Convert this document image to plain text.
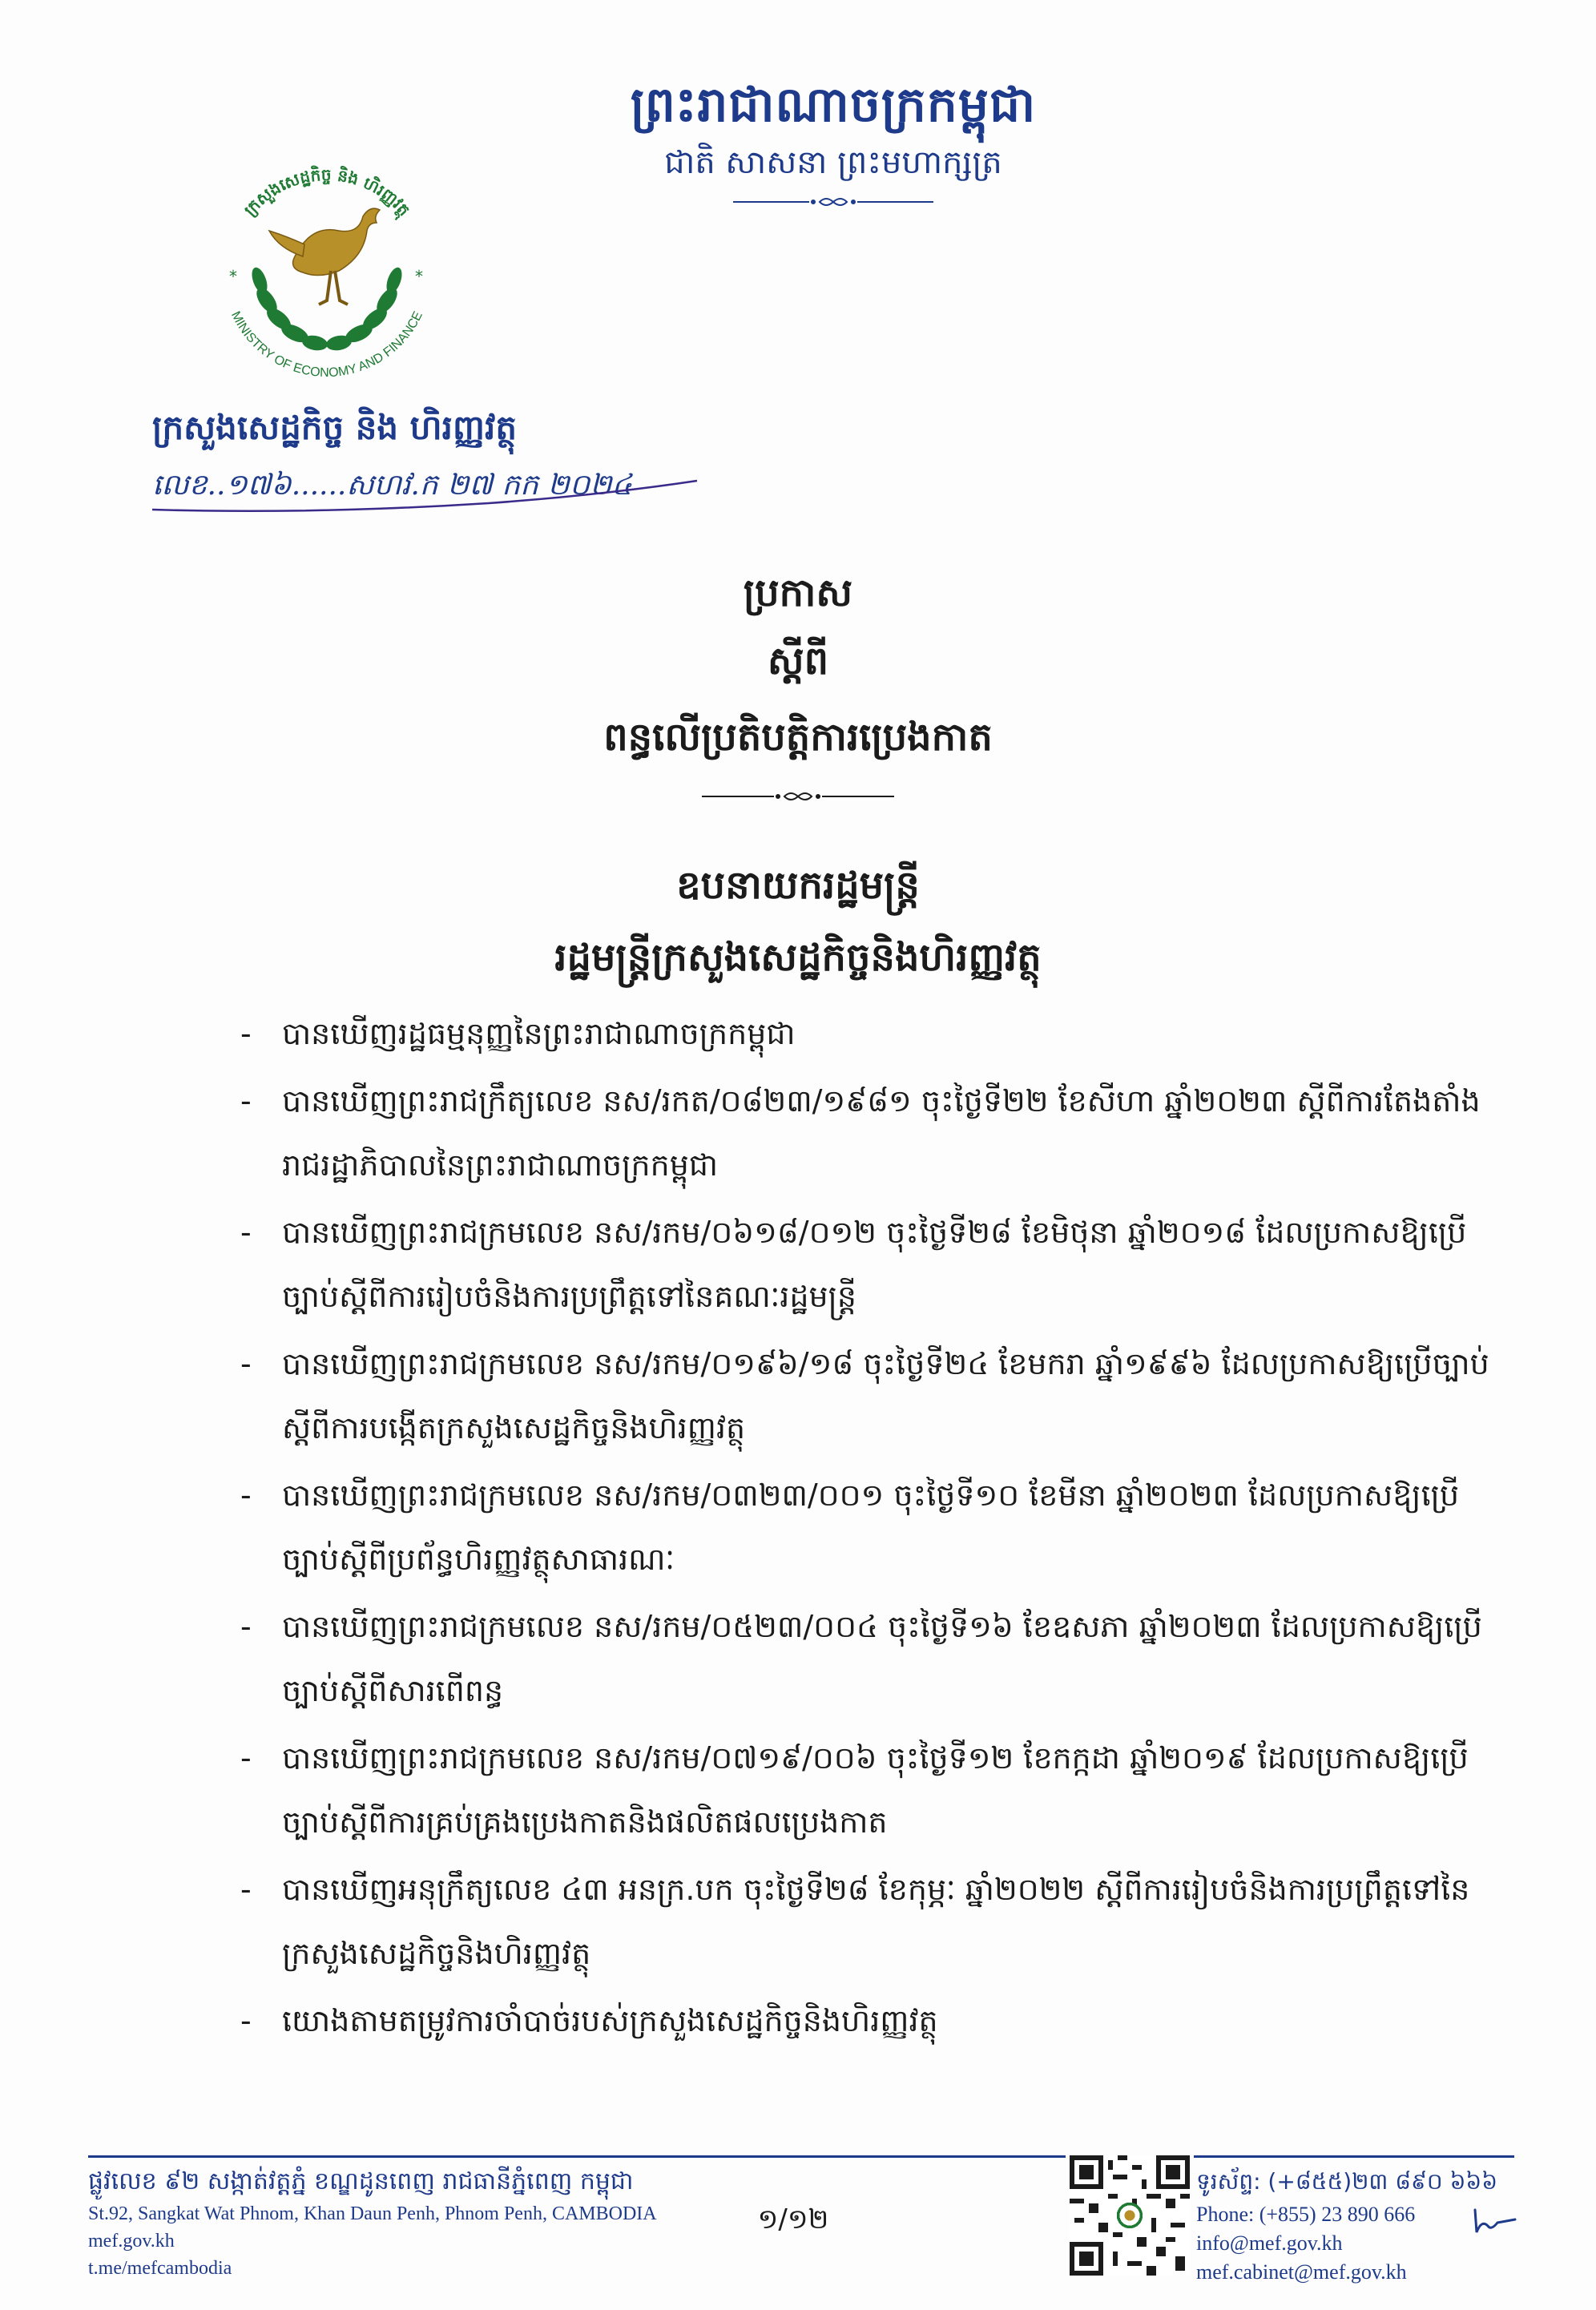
ព្រះរាជាណាចក្រកម្ពុជា
ជាតិ សាសនា ព្រះមហាក្សត្រ
ក្រសួងសេដ្ឋកិច្ច និង ហិរញ្ញវត្ថុ
MINISTRY OF ECONOMY AND FINANCE
*	*
ក្រសួងសេដ្ឋកិច្ច និង ហិរញ្ញវត្ថុ
លេខ..១៧៦......សហវ.ក ២៧ កក ២០២៤
ប្រកាស
ស្តីពី
ពន្ធលើប្រតិបត្តិការប្រេងកាត
ឧបនាយករដ្ឋមន្ត្រី
រដ្ឋមន្ត្រីក្រសួងសេដ្ឋកិច្ចនិងហិរញ្ញវត្ថុ
-	បានឃើញរដ្ឋធម្មនុញ្ញនៃព្រះរាជាណាចក្រកម្ពុជា
-	បានឃើញព្រះរាជក្រឹត្យលេខ នស/រកត/០៨២៣/១៩៨១ ចុះថ្ងៃទី២២ ខែសីហា ឆ្នាំ២០២៣ ស្តីពីការតែងតាំងរាជរដ្ឋាភិបាលនៃព្រះរាជាណាចក្រកម្ពុជា
-	បានឃើញព្រះរាជក្រមលេខ នស/រកម/០៦១៨/០១២ ចុះថ្ងៃទី២៨ ខែមិថុនា ឆ្នាំ២០១៨ ដែលប្រកាសឱ្យប្រើច្បាប់ស្តីពីការរៀបចំនិងការប្រព្រឹត្តទៅនៃគណៈរដ្ឋមន្ត្រី
-	បានឃើញព្រះរាជក្រមលេខ នស/រកម/០១៩៦/១៨ ចុះថ្ងៃទី២៤ ខែមករា ឆ្នាំ១៩៩៦ ដែលប្រកាសឱ្យប្រើច្បាប់ស្តីពីការបង្កើតក្រសួងសេដ្ឋកិច្ចនិងហិរញ្ញវត្ថុ
-	បានឃើញព្រះរាជក្រមលេខ នស/រកម/០៣២៣/០០១ ចុះថ្ងៃទី១០ ខែមីនា ឆ្នាំ២០២៣ ដែលប្រកាសឱ្យប្រើច្បាប់ស្តីពីប្រព័ន្ធហិរញ្ញវត្ថុសាធារណៈ
-	បានឃើញព្រះរាជក្រមលេខ នស/រកម/០៥២៣/០០៤ ចុះថ្ងៃទី១៦ ខែឧសភា ឆ្នាំ២០២៣ ដែលប្រកាសឱ្យប្រើច្បាប់ស្តីពីសារពើពន្ធ
-	បានឃើញព្រះរាជក្រមលេខ នស/រកម/០៧១៩/០០៦ ចុះថ្ងៃទី១២ ខែកក្កដា ឆ្នាំ២០១៩ ដែលប្រកាសឱ្យប្រើច្បាប់ស្តីពីការគ្រប់គ្រងប្រេងកាតនិងផលិតផលប្រេងកាត
-	បានឃើញអនុក្រឹត្យលេខ ៤៣ អនក្រ.បក ចុះថ្ងៃទី២៨ ខែកុម្ភៈ ឆ្នាំ២០២២ ស្តីពីការរៀបចំនិងការប្រព្រឹត្តទៅនៃក្រសួងសេដ្ឋកិច្ចនិងហិរញ្ញវត្ថុ
-	យោងតាមតម្រូវការចាំបាច់របស់ក្រសួងសេដ្ឋកិច្ចនិងហិរញ្ញវត្ថុ
ផ្លូវលេខ ៩២ សង្កាត់វត្តភ្នំ ខណ្ឌដូនពេញ រាជធានីភ្នំពេញ កម្ពុជា
St.92, Sangkat Wat Phnom, Khan Daun Penh, Phnom Penh, CAMBODIA
mef.gov.kh
t.me/mefcambodia
១/១២
ទូរស័ព្ទ: (+៨៥៥)២៣ ៨៩០ ៦៦៦
Phone: (+855) 23 890 666
info@mef.gov.kh
mef.cabinet@mef.gov.kh
